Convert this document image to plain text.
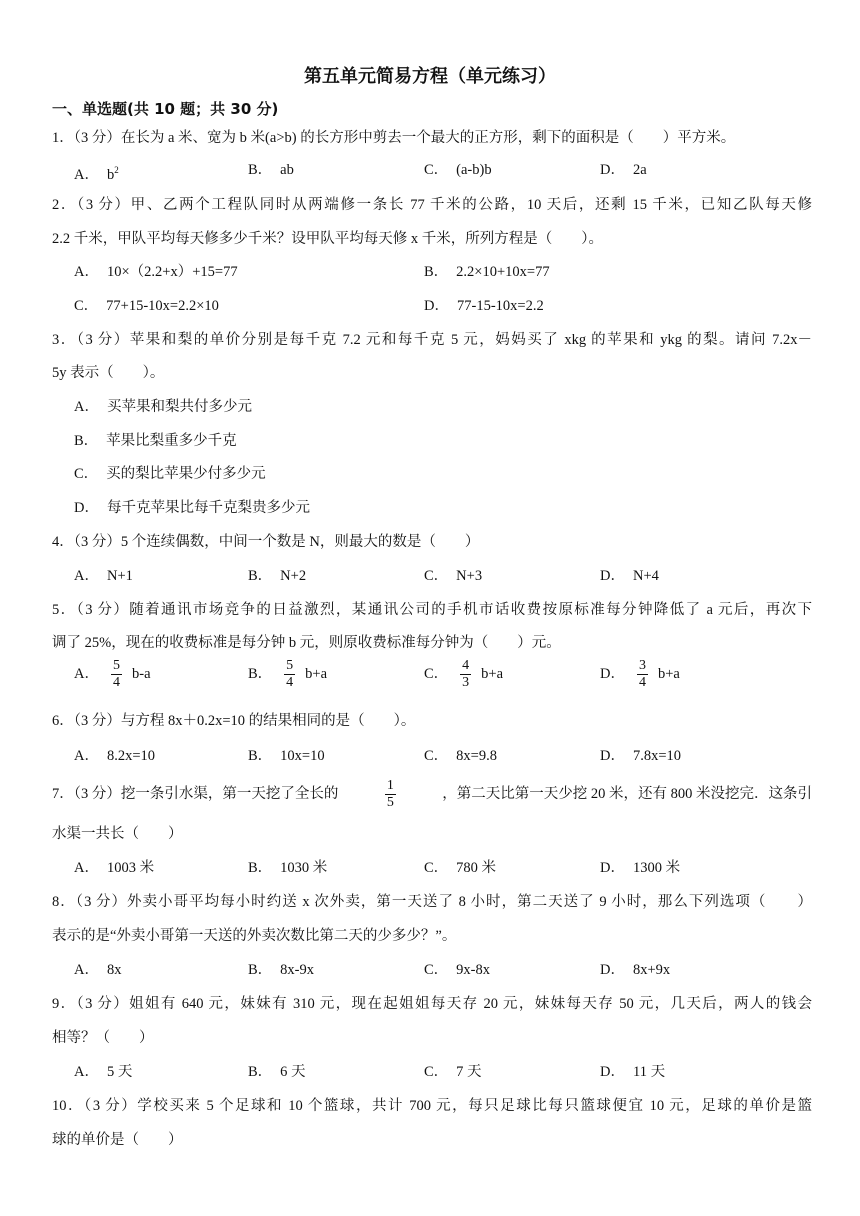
第五单元简易方程（单元练习）
一、单选题(共 10 题；共 30 分)
1．（3 分）在长为 a 米、宽为 b 米(a>b) 的长方形中剪去一个最大的正方形，剩下的面积是（　　）平方米。
A． $b^2$	B． ab	C． (a-b)b	D． 2a
2．（3 分）甲、乙两个工程队同时从两端修一条长 77 千米的公路，10 天后，还剩 15 千米，已知乙队每天修
2.2 千米，甲队平均每天修多少千米？设甲队平均每天修 x 千米，所列方程是（　　）。
A． 10×（2.2+x）+15=77	B． 2.2×10+10x=77
C． 77+15-10x=2.2×10	D． 77-15-10x=2.2
3．（3 分）苹果和梨的单价分别是每千克 7.2 元和每千克 5 元，妈妈买了 xkg 的苹果和 ykg 的梨。请问 7.2x－
5y 表示（　　）。
A． 买苹果和梨共付多少元
B． 苹果比梨重多少千克
C． 买的梨比苹果少付多少元
D． 每千克苹果比每千克梨贵多少元
4．（3 分）5 个连续偶数，中间一个数是 N，则最大的数是（　　）
A． N+1	B． N+2	C． N+3	D． N+4
5．（3 分）随着通讯市场竞争的日益激烈，某通讯公司的手机市话收费按原标准每分钟降低了 a 元后，再次下
调了 25%，现在的收费标准是每分钟 b 元，则原收费标准每分钟为（　　）元。
A． $\frac{5}{4} b-a$	B． $\frac{5}{4} b+a$	C． $\frac{4}{3} b+a$	D． $\frac{3}{4} b+a$
6．（3 分）与方程 8x＋0.2x=10 的结果相同的是（　　）。
A． 8.2x=10	B． 10x=10	C． 8x=9.8	D． 7.8x=10
7．（3 分）挖一条引水渠，第一天挖了全长的	$\frac{1}{5}$	，第二天比第一天少挖 20 米，还有 800 米没挖完．这条引
水渠一共长（　　）
A． 1003 米	B． 1030 米	C． 780 米	D． 1300 米
8．（3 分）外卖小哥平均每小时约送 x 次外卖，第一天送了 8 小时，第二天送了 9 小时，那么下列选项（　　）
表示的是“外卖小哥第一天送的外卖次数比第二天的少多少？”。
A． 8x	B． 8x-9x	C． 9x-8x	D． 8x+9x
9．（3 分）姐姐有 640 元，妹妹有 310 元，现在起姐姐每天存 20 元，妹妹每天存 50 元，几天后，两人的钱会
相等？（　　）
A． 5 天	B． 6 天	C． 7 天	D． 11 天
10．（3 分）学校买来 5 个足球和 10 个篮球，共计 700 元，每只足球比每只篮球便宜 10 元，足球的单价是篮
球的单价是（　　）
